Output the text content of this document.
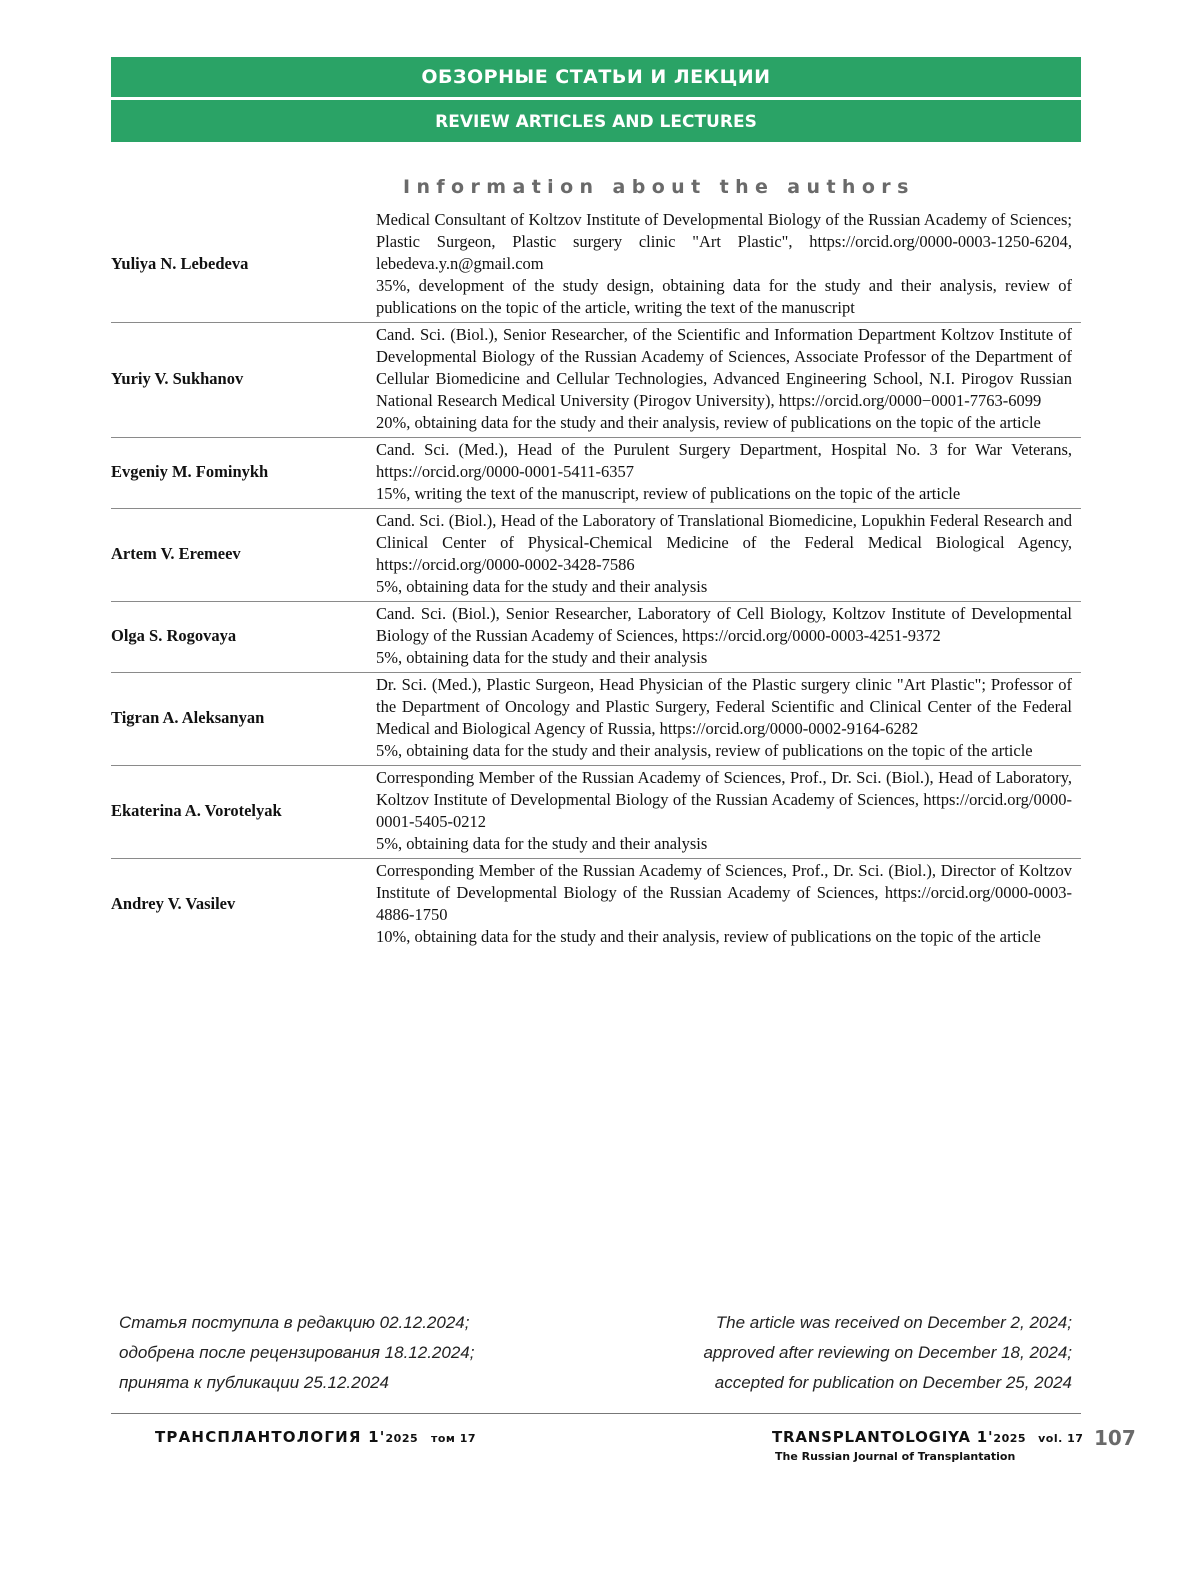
ОБЗОРНЫЕ СТАТЬИ И ЛЕКЦИИ
REVIEW ARTICLES AND LECTURES
Information about the authors
Yuliya N. Lebedeva
Medical Consultant of Koltzov Institute of Developmental Biology of the Russian Academy of Sciences; Plastic Surgeon, Plastic surgery clinic "Art Plastic", https://orcid.org/0000-0003-1250-6204, lebedeva.y.n@gmail.com
35%, development of the study design, obtaining data for the study and their analysis, review of publications on the topic of the article, writing the text of the manuscript
Yuriy V. Sukhanov
Cand. Sci. (Biol.), Senior Researcher, of the Scientific and Information Department Koltzov Institute of Developmental Biology of the Russian Academy of Sciences, Associate Professor of the Department of Cellular Biomedicine and Cellular Technologies, Advanced Engineering School, N.I. Pirogov Russian National Research Medical University (Pirogov University), https://orcid.org/0000−0001-7763-6099
20%, obtaining data for the study and their analysis, review of publications on the topic of the article
Evgeniy M. Fominykh
Cand. Sci. (Med.), Head of the Purulent Surgery Department, Hospital No. 3 for War Veterans, https://orcid.org/0000-0001-5411-6357
15%, writing the text of the manuscript, review of publications on the topic of the article
Artem V. Eremeev
Cand. Sci. (Biol.), Head of the Laboratory of Translational Biomedicine, Lopukhin Federal Research and Clinical Center of Physical-Chemical Medicine of the Federal Medical Biological Agency, https://orcid.org/0000-0002-3428-7586
5%, obtaining data for the study and their analysis
Olga S. Rogovaya
Cand. Sci. (Biol.), Senior Researcher, Laboratory of Cell Biology, Koltzov Institute of Developmental Biology of the Russian Academy of Sciences, https://orcid.org/0000-0003-4251-9372
5%, obtaining data for the study and their analysis
Tigran A. Aleksanyan
Dr. Sci. (Med.), Plastic Surgeon, Head Physician of the Plastic surgery clinic "Art Plastic"; Professor of the Department of Oncology and Plastic Surgery, Federal Scientific and Clinical Center of the Federal Medical and Biological Agency of Russia, https://orcid.org/0000-0002-9164-6282
5%, obtaining data for the study and their analysis, review of publications on the topic of the article
Ekaterina A. Vorotelyak
Corresponding Member of the Russian Academy of Sciences, Prof., Dr. Sci. (Biol.), Head of Laboratory, Koltzov Institute of Developmental Biology of the Russian Academy of Sciences, https://orcid.org/0000-0001-5405-0212
5%, obtaining data for the study and their analysis
Andrey V. Vasilev
Corresponding Member of the Russian Academy of Sciences, Prof., Dr. Sci. (Biol.), Director of Koltzov Institute of Developmental Biology of the Russian Academy of Sciences, https://orcid.org/0000-0003-4886-1750
10%, obtaining data for the study and their analysis, review of publications on the topic of the article
Статья поступила в редакцию 02.12.2024;
одобрена после рецензирования 18.12.2024;
принята к публикации 25.12.2024
The article was received on December 2, 2024;
approved after reviewing on December 18, 2024;
accepted for publication on December 25, 2024
ТРАНСПЛАНТОЛОГИЯ 1'2025 том 17	TRANSPLANTOLOGIYA 1'2025 vol. 17
The Russian Journal of Transplantation
107
